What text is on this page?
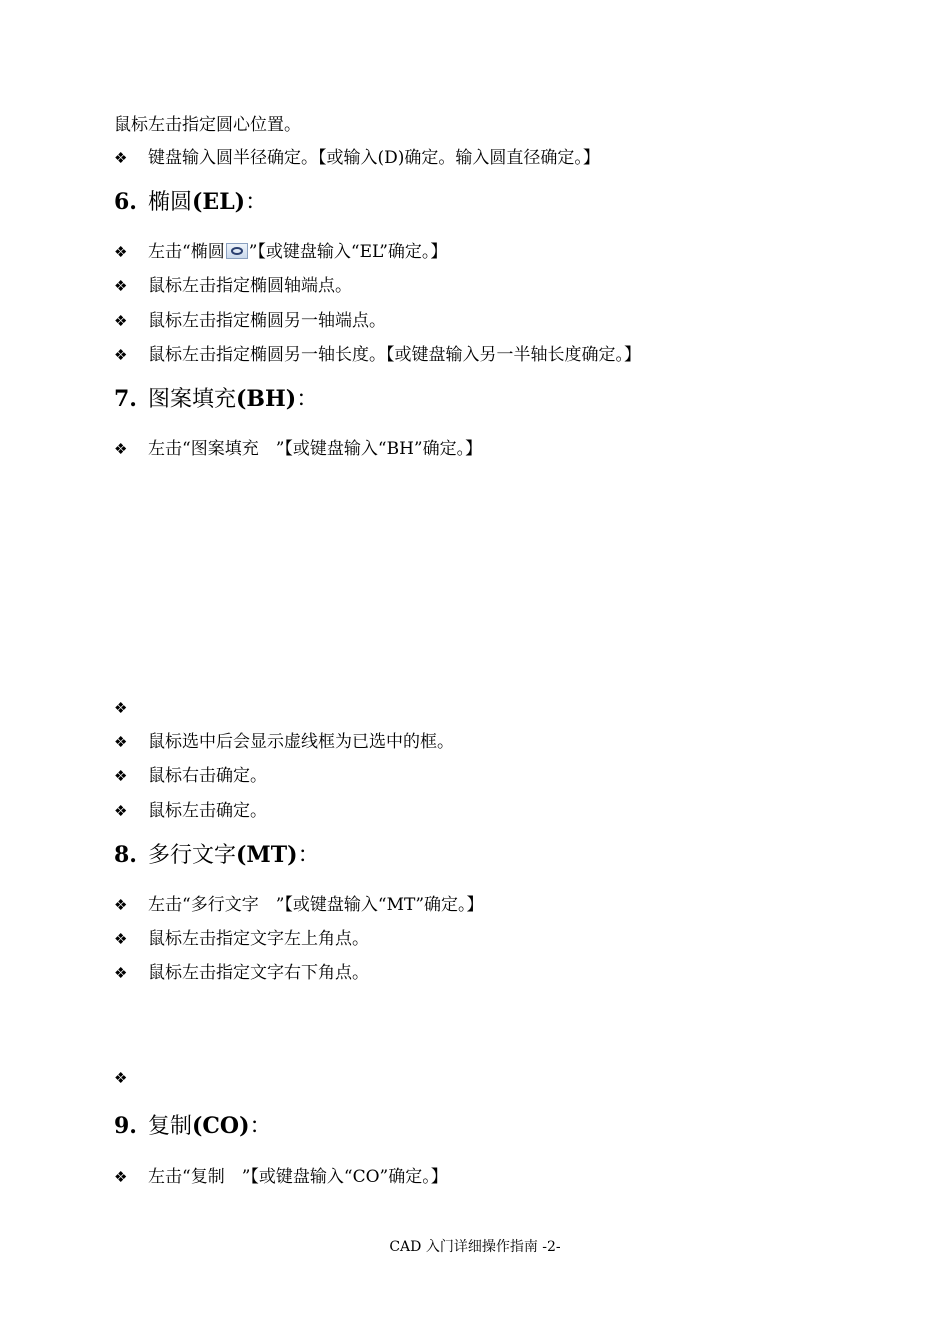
鼠标左击指定圆心位置。
❖ 键盘输入圆半径确定。【或输入(D)确定。输入圆直径确定。】
6. 椭圆(EL)：
❖ 左击“椭圆 ”【或键盘输入“EL”确定。】
❖ 鼠标左击指定椭圆轴端点。
❖ 鼠标左击指定椭圆另一轴端点。
❖ 鼠标左击指定椭圆另一轴长度。【或键盘输入另一半轴长度确定。】
7. 图案填充(BH)：
❖ 左击“图案填充　”【或键盘输入“BH”确定。】
❖
❖ 鼠标选中后会显示虚线框为已选中的框。
❖ 鼠标右击确定。
❖ 鼠标左击确定。
8. 多行文字(MT)：
❖ 左击“多行文字　”【或键盘输入“MT”确定。】
❖ 鼠标左击指定文字左上角点。
❖ 鼠标左击指定文字右下角点。
❖
9. 复制(CO)：
❖ 左击“复制　”【或键盘输入“CO”确定。】
CAD 入门详细操作指南 -2-
